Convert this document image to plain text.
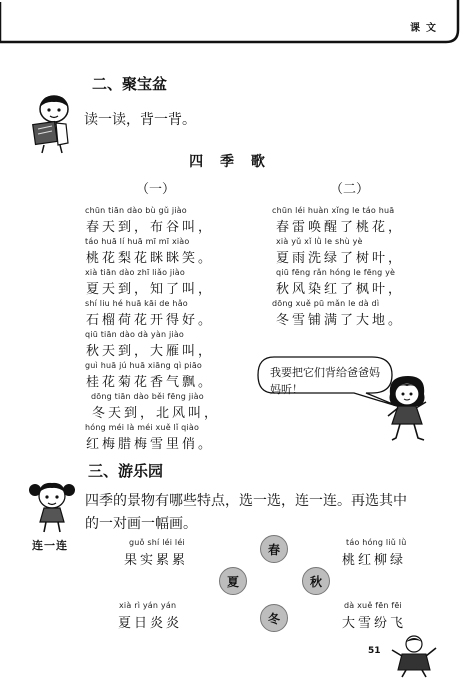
课文
二、聚宝盆
读一读，背一背。
四 季 歌
（一）
chūn tiān dào bù gǔ jiào
春天到，布谷叫，
táo huā lí huā mī mī xiào
桃花梨花眯眯笑。
xià tiān dào zhī liǎo jiào
夏天到，知了叫，
shí liu hé huā kāi de hǎo
石榴荷花开得好。
qiū tiān dào dà yàn jiào
秋天到，大雁叫，
guì huā jú huā xiāng qì piāo
桂花菊花香气飘。
dōng tiān dào běi fēng jiào
冬天到，北风叫，
hóng méi là méi xuě lǐ qiào
红梅腊梅雪里俏。
（二）
chūn léi huàn xǐng le táo huā
春雷唤醒了桃花，
xià yǔ xǐ lǜ le shù yè
夏雨洗绿了树叶，
qiū fēng rǎn hóng le fēng yè
秋风染红了枫叶，
dōng xuě pū mǎn le dà dì
冬雪铺满了大地。
我要把它们背给爸爸妈妈听！
三、游乐园
四季的景物有哪些特点，选一选，连一连。再选其中
的一对画一幅画。
连一连	guǒ shí léi léi
果实累累
táo hóng liǔ lǜ
桃红柳绿
春
夏	秋
冬
xià rì yán yán
夏日炎炎
dà xuě fēn fēi
大雪纷飞
51
